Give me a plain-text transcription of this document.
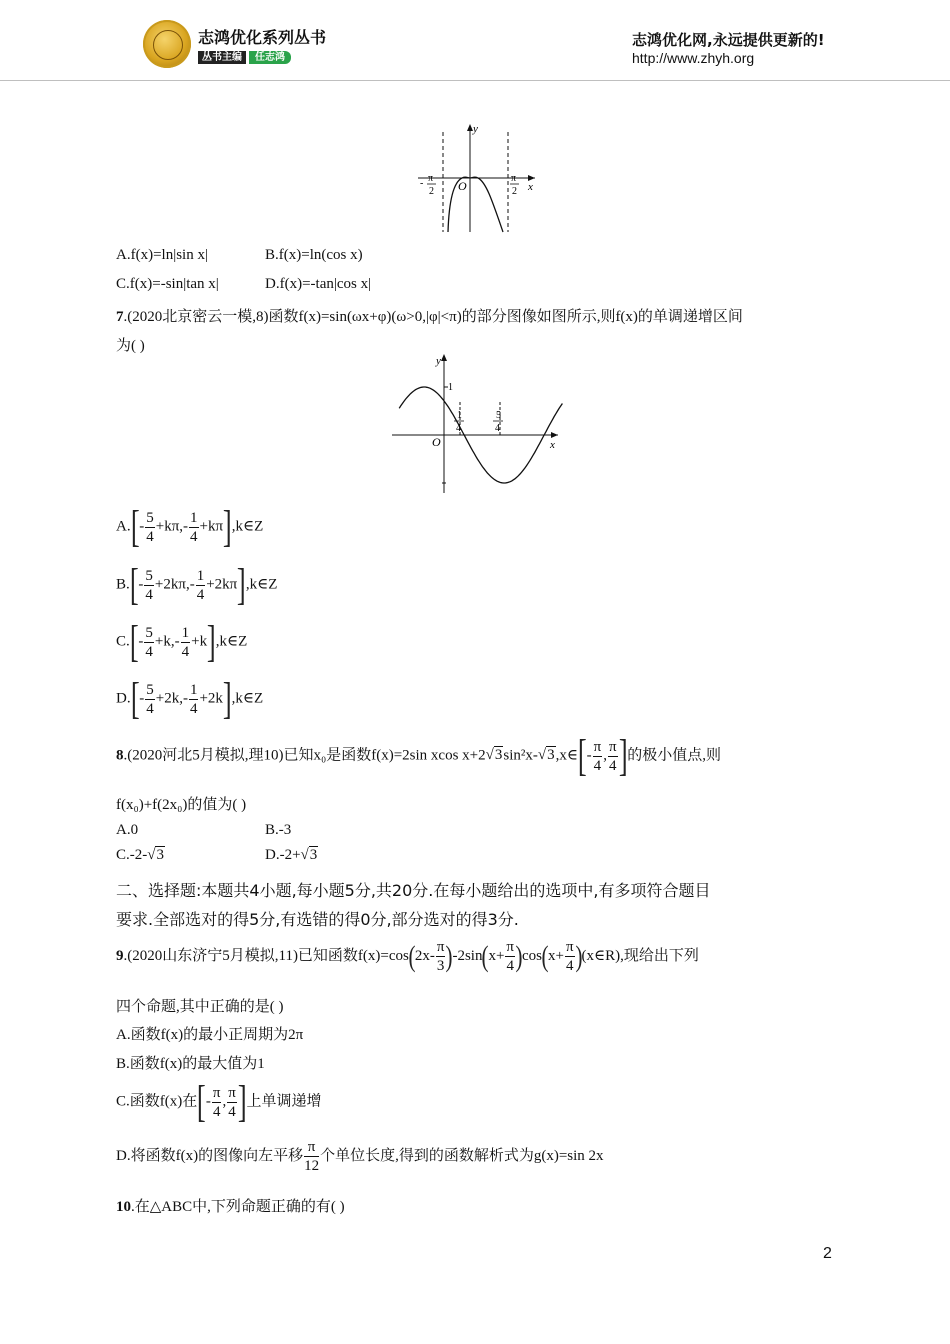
志鸿优化系列丛书
丛书主编 任志鸿
志鸿优化网,永远提供更新的!
http://www.zhyh.org
y
x
O
- π
2
π
2
A.f(x)=ln|sin x|	B.f(x)=ln(cos x)
C.f(x)=-sin|tan x|	D.f(x)=-tan|cos x|
7.(2020北京密云一模,8)函数f(x)=sin(ωx+φ)(ω>0,|φ|<π)的部分图像如图所示,则f(x)的单调递增区间
为( )
y
x
O
1
1
4
5
4
$A.[- \frac{5}{4} +k\pi,- \frac{1}{4}$ +kπ],k∈Z
$B.[- \frac{5}{4} +2k\pi,- \frac{1}{4}$ +2kπ],k∈Z
$C.[- \frac{5}{4} +k,- \frac{1}{4}$ +k],k∈Z
$D.[- \frac{5}{4} +2k,- \frac{1}{4}$ +2k],k∈Z
8.(2020河北5月模拟,理10)已知x₀是函数f(x)=2sin xcos x+2√3sin²x-√3,x∈[- $\frac{\pi}{4}$ , $\frac{\pi}{4}$ ]的极小值点,则
f(x₀)+f(2x₀)的值为( )
A.0	B.-3
C.-2-√3	D.-2+√3
二、选择题:本题共4小题,每小题5分,共20分.在每小题给出的选项中,有多项符合题目
要求.全部选对的得5分,有选错的得0分,部分选对的得3分.
9.(2020山东济宁5月模拟,11)已知函数$f(x)=\cos(2x- \frac{\pi}{3} )-2\sin(x+ \frac{\pi}{4} )\cos(x+ \frac{\pi}{4}$ )(x∈R),现给出下列
四个命题,其中正确的是( )
A.函数f(x)的最小正周期为2π
B.函数f(x)的最大值为1
C.函数f(x)在[- $\frac{\pi}{4}$ , $\frac{\pi}{4}$ ]上单调递增
D.将函数f(x)的图像向左平移 $\frac{\pi}{12}$ 个单位长度,得到的函数解析式为g(x)=sin 2x
10.在△ABC中,下列命题正确的有( )
2
